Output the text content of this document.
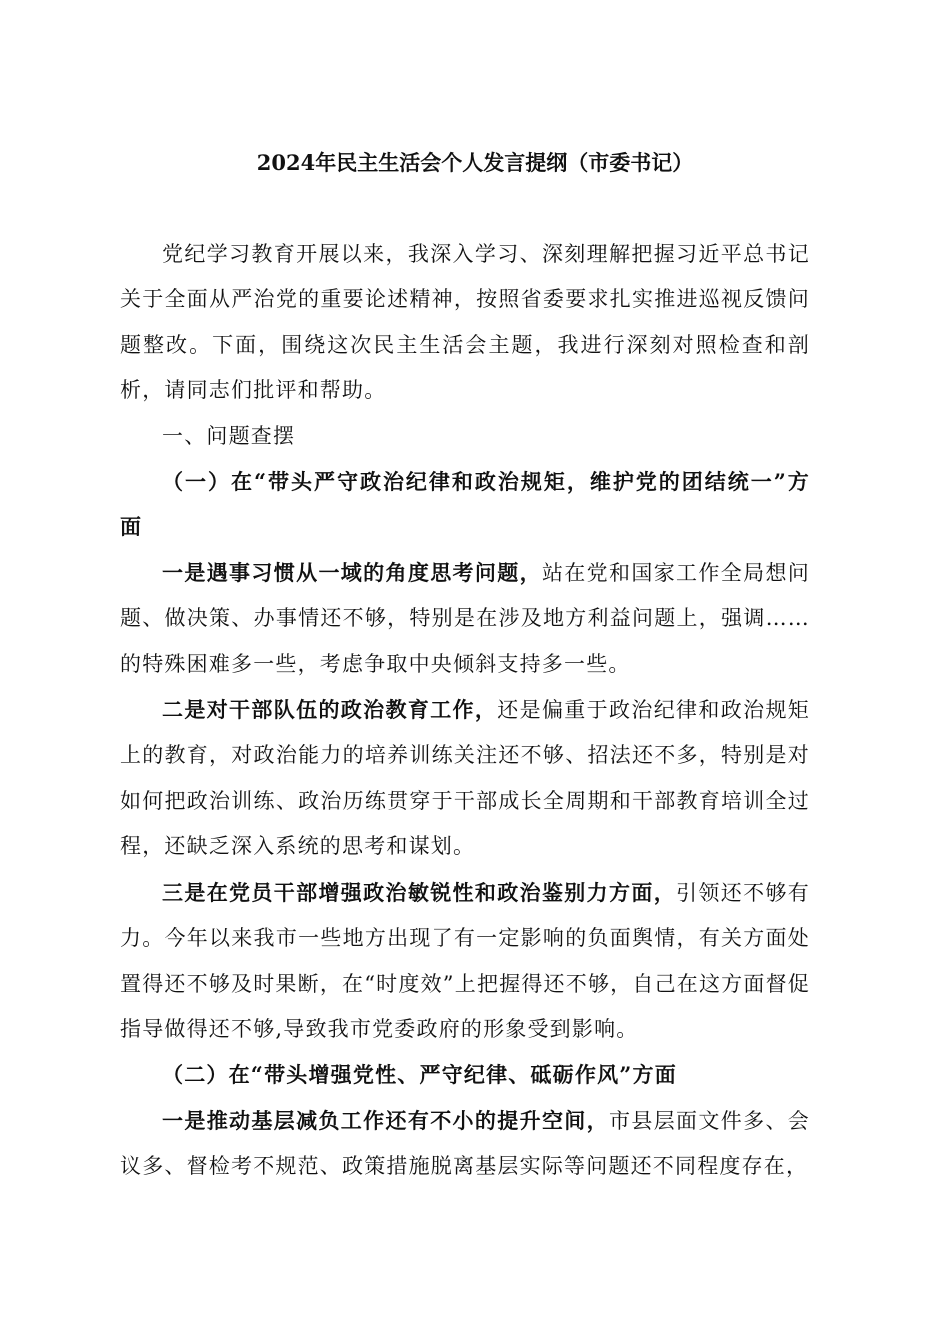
2024年民主生活会个人发言提纲（市委书记）

党纪学习教育开展以来，我深入学习、深刻理解把握习近平总书记关于全面从严治党的重要论述精神，按照省委要求扎实推进巡视反馈问题整改。下面，围绕这次民主生活会主题，我进行深刻对照检查和剖析，请同志们批评和帮助。

一、问题查摆

（一）在“带头严守政治纪律和政治规矩，维护党的团结统一”方面

一是遇事习惯从一域的角度思考问题，站在党和国家工作全局想问题、做决策、办事情还不够，特别是在涉及地方利益问题上，强调……的特殊困难多一些，考虑争取中央倾斜支持多一些。

二是对干部队伍的政治教育工作，还是偏重于政治纪律和政治规矩上的教育，对政治能力的培养训练关注还不够、招法还不多，特别是对如何把政治训练、政治历练贯穿于干部成长全周期和干部教育培训全过程，还缺乏深入系统的思考和谋划。

三是在党员干部增强政治敏锐性和政治鉴别力方面，引领还不够有力。今年以来我市一些地方出现了有一定影响的负面舆情，有关方面处置得还不够及时果断，在“时度效”上把握得还不够，自己在这方面督促指导做得还不够,导致我市党委政府的形象受到影响。

（二）在“带头增强党性、严守纪律、砥砺作风”方面

一是推动基层减负工作还有不小的提升空间，市县层面文件多、会议多、督检考不规范、政策措施脱离基层实际等问题还不同程度存在，
